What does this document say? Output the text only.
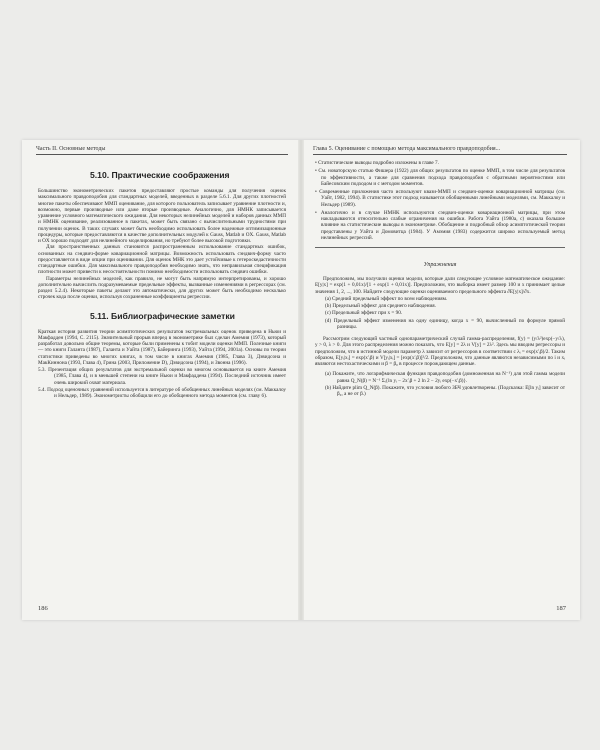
Часть II. Основные методы
5.10. Практические соображения

Большинство эконометрических пакетов предоставляют простые команды для получения оценок максимального правдоподобия для стандартных моделей, введенных в разделе 5.6.1. Для других плотностей многие пакеты обеспечивают ММП оценивание, для которого пользователь записывает уравнение плотности и, возможно, первые производные или даже вторые производные. Аналогично, для НМНК записывается уравнение условного математического ожидания. Для некоторых нелинейных моделей и наборов данных ММП и НМНК оценивание, реализованное в пакетах, может быть связано с вычислительными трудностями при получении оценок. В таких случаях может быть необходимо использовать более надежные оптимизационные процедуры, которые предоставляются в качестве дополнительных модулей к Gauss, Matlab и OX. Gauss, Matlab и OX хорошо подходят для нелинейного моделирования, но требуют более высокой подготовки.

Для пространственных данных становится распространенным использование стандартных ошибок, основанных на сэндвич-форме ковариационной матрицы. Возможность использовать сэндвич-форму часто предоставляется в виде опции при оценивании. Для оценок МНК это дает устойчивые к гетероскедастичности стандартные ошибки. Для максимального правдоподобия необходимо знать, что неправильная спецификация плотности может привести к несостоятельности помимо необходимости использовать сэндвич ошибки.

Параметры нелинейных моделей, как правило, не могут быть напрямую интерпретированы, и хорошо дополнительно вычислить подразумеваемые предельные эффекты, вызванные изменениями в регрессорах (см. раздел 5.2.4). Некоторые пакеты делают это автоматически, для других может быть необходимо несколько строчек кода после оценки, используя сохраненные коэффициенты регрессии.

5.11. Библиографические заметки

Краткая история развития теории асимптотических результатов экстремальных оценок приведена в Ньюи и Макфадден (1994, С. 2115). Значительный прорыв вперед в эконометрике был сделан Амемия (1973), который разработал довольно общие теоремы, которые были применены к тобит модели оценки ММП. Полезные книги — это книги Галанта (1987), Галанта и Уайта (1987), Байеринга (1993), Уайта (1994, 2001а). Основы по теории статистики приведены во многих книгах, в том числе в книгах Амемия (1985, Глава 3), Дэвидсона и МакКиннона (1993, Глава 4), Грина (2003, Приложение D), Дэвидсона (1994), и Звонна (1996).

5.3. Презентация общих результатов для экстремальной оценки во многом основывается на книге Амемия (1985, Глава 4), и в меньшей степени на книге Ньюи и Макфаддена (1994). Последний источник имеет очень широкий охват материала.

5.4. Подход оценочных уравнений используется в литературе об обобщенных линейных моделях (см. Маккалоу и Нельдер, 1989). Эконометристы обобщили его до обобщенного метода моментов (см. главу 6).

186
Глава 5. Оценивание с помощью метода максимального правдоподобия...

• Статистические выводы подробно изложены в главе 7.

• См. новаторскую статью Фишера (1922) для общих результатов по оценке ММП, в том числе для результатов по эффективности, а также для сравнения подхода правдоподобия с обратными вероятностями или Байесовским подходом и с методом моментов.

• Современные приложения часто используют квази-ММП и сэндвич-оценки ковариационной матрицы (см. Уайт, 1982, 1994). В статистике этот подход называется обобщенными линейными моделями, см. Маккалоу и Нельдер (1989).

• Аналогично и в случае НМНК используются сэндвич-оценки ковариационной матрицы, при этом накладываются относительно слабые ограничения на ошибки. Работа Уайта (1980а, с) оказала большое влияние на статистические выводы в эконометрике. Обобщение и подробный обзор асимптотической теории представлены у Уайта и Домовитца (1984). У Амэмия (1983) содержится широко используемый метод нелинейных регрессий.

Упражнения

Предположим, мы получили оценки модели, которые дали следующее условное математическое ожидание: E[y|x] = exp(1 + 0,01x)/[1 + exp(1 + 0,01x)]. Предположим, что выборка имеет размер 100 и x принимает целые значения 1, 2, ..., 100. Найдите следующие оценки оцениваемого предельного эффекта ∂E[y|x]/∂x.

(а) Средний предельный эффект по всем наблюдениям.

(b) Предельный эффект для среднего наблюдения.

(c) Предельный эффект при x = 90.

(d) Предельный эффект изменения на одну единицу, когда x = 90, вычисленный по формуле прямой разницы.

Рассмотрим следующий частный однопараметрический случай гамма-распределения, f(y) = (y/λ²)exp(−y/λ), y > 0, λ > 0. Для этого распределения можно показать, что E[y] = 2λ и V[y] = 2λ². Здесь мы вводим регрессоры и предположим, что в истинной модели параметр λ зависит от регрессоров в соответствии с λᵢ = exp(x′ᵢβ)/2. Таким образом, E[yᵢ|xᵢ] = exp(x′ᵢβ) и V[yᵢ|xᵢ] = [exp(x′ᵢβ)]²/2. Предположим, что данные являются независимыми по i и xᵢ являются нестохастическими и β = β₀ в процессе порождающем данные.

(а) Покажите, что логарифмическая функция правдоподобия (домноженная на N⁻¹) для этой гамма модели равна Q_N(β) = N⁻¹ Σᵢ{ln yᵢ − 2x′ᵢβ + 2 ln 2 − 2yᵢ exp(−x′ᵢβ)}.

(b) Найдите plim Q_N(β). Покажите, что условия любого ЗБЧ удовлетворены. (Подсказка: E[ln yᵢ] зависит от β₀, а не от β.)

187
